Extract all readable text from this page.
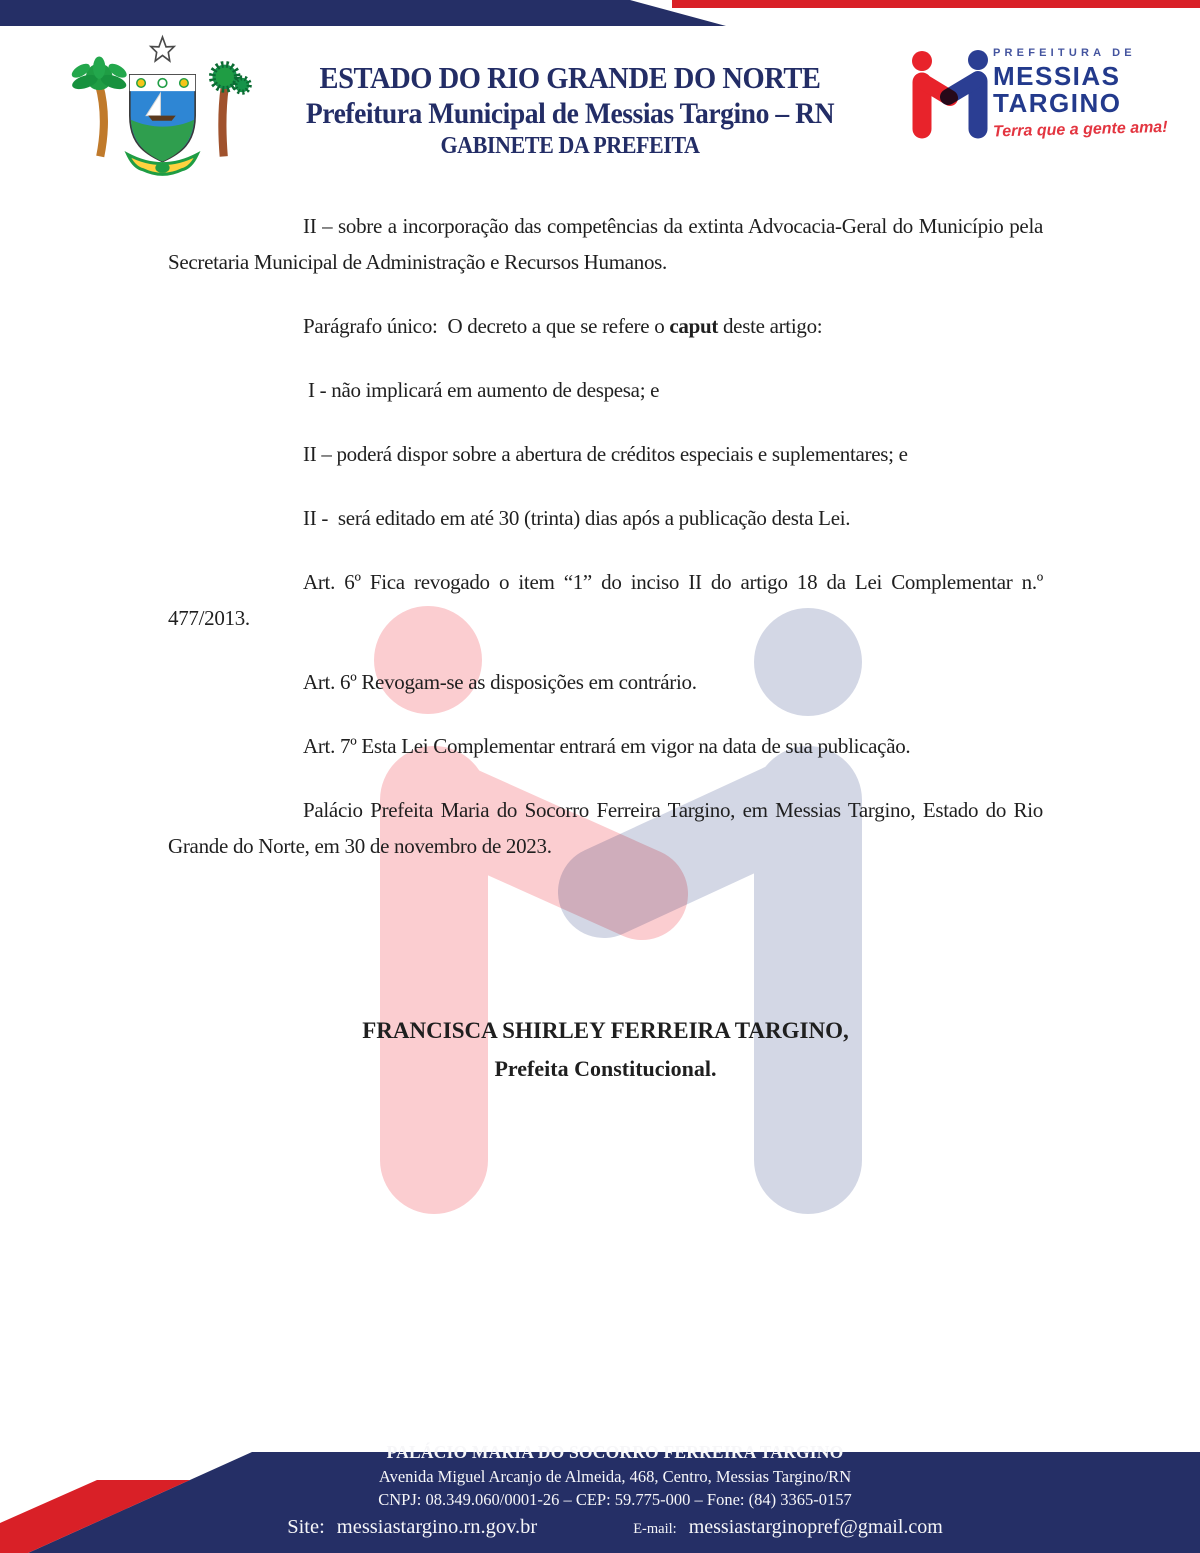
ESTADO DO RIO GRANDE DO NORTE
Prefeitura Municipal de Messias Targino – RN
GABINETE DA PREFEITA
PREFEITURA DE
MESSIAS
TARGINO
Terra que a gente ama!

II – sobre a incorporação das competências da extinta Advocacia-Geral do Município pela Secretaria Municipal de Administração e Recursos Humanos.

Parágrafo único:  O decreto a que se refere o caput deste artigo:

I - não implicará em aumento de despesa; e

II – poderá dispor sobre a abertura de créditos especiais e suplementares; e

II -  será editado em até 30 (trinta) dias após a publicação desta Lei.

Art. 6º Fica revogado o item “1” do inciso II do artigo 18 da Lei Complementar n.º 477/2013.

Art. 6º Revogam-se as disposições em contrário.

Art. 7º Esta Lei Complementar entrará em vigor na data de sua publicação.

Palácio Prefeita Maria do Socorro Ferreira Targino, em Messias Targino, Estado do Rio Grande do Norte, em 30 de novembro de 2023.

FRANCISCA SHIRLEY FERREIRA TARGINO,
Prefeita Constitucional.
PALÁCIO MARIA DO SOCORRO FERREIRA TARGINO
Avenida Miguel Arcanjo de Almeida, 468, Centro, Messias Targino/RN
CNPJ: 08.349.060/0001-26 – CEP: 59.775-000 – Fone: (84) 3365-0157
Site: messiastargino.rn.gov.br	E-mail: messiastarginopref@gmail.com
